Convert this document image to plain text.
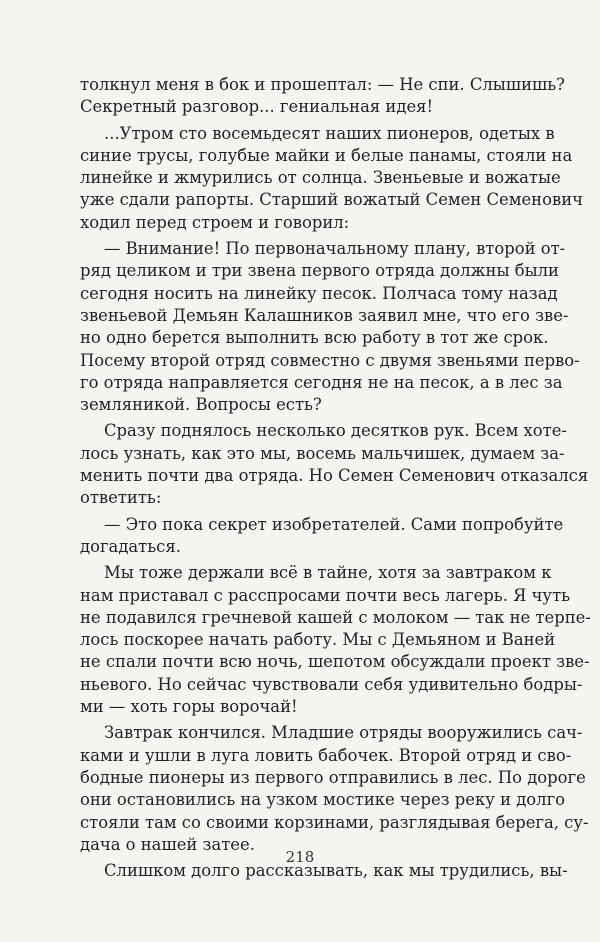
толкнул меня в бок и прошептал: — Не спи. Слышишь?
Секретный разговор... гениальная идея!

...Утром сто восемьдесят наших пионеров, одетых в
синие трусы, голубые майки и белые панамы, стояли на
линейке и жмурились от солнца. Звеньевые и вожатые
уже сдали рапорты. Старший вожатый Семен Семенович
ходил перед строем и говорил:

— Внимание! По первоначальному плану, второй от-
ряд целиком и три звена первого отряда должны были
сегодня носить на линейку песок. Полчаса тому назад
звеньевой Демьян Калашников заявил мне, что его зве-
но одно берется выполнить всю работу в тот же срок.
Посему второй отряд совместно с двумя звеньями перво-
го отряда направляется сегодня не на песок, а в лес за
земляникой. Вопросы есть?

Сразу поднялось несколько десятков рук. Всем хоте-
лось узнать, как это мы, восемь мальчишек, думаем за-
менить почти два отряда. Но Семен Семенович отказался
ответить:

— Это пока секрет изобретателей. Сами попробуйте
догадаться.

Мы тоже держали всё в тайне, хотя за завтраком к
нам приставал с расспросами почти весь лагерь. Я чуть
не подавился гречневой кашей с молоком — так не терпе-
лось поскорее начать работу. Мы с Демьяном и Ваней
не спали почти всю ночь, шепотом обсуждали проект зве-
ньевого. Но сейчас чувствовали себя удивительно бодры-
ми — хоть горы ворочай!

Завтрак кончился. Младшие отряды вооружились сач-
ками и ушли в луга ловить бабочек. Второй отряд и сво-
бодные пионеры из первого отправились в лес. По дороге
они остановились на узком мостике через реку и долго
стояли там со своими корзинами, разглядывая берега, су-
дача о нашей затее.

Слишком долго рассказывать, как мы трудились, вы-

218
